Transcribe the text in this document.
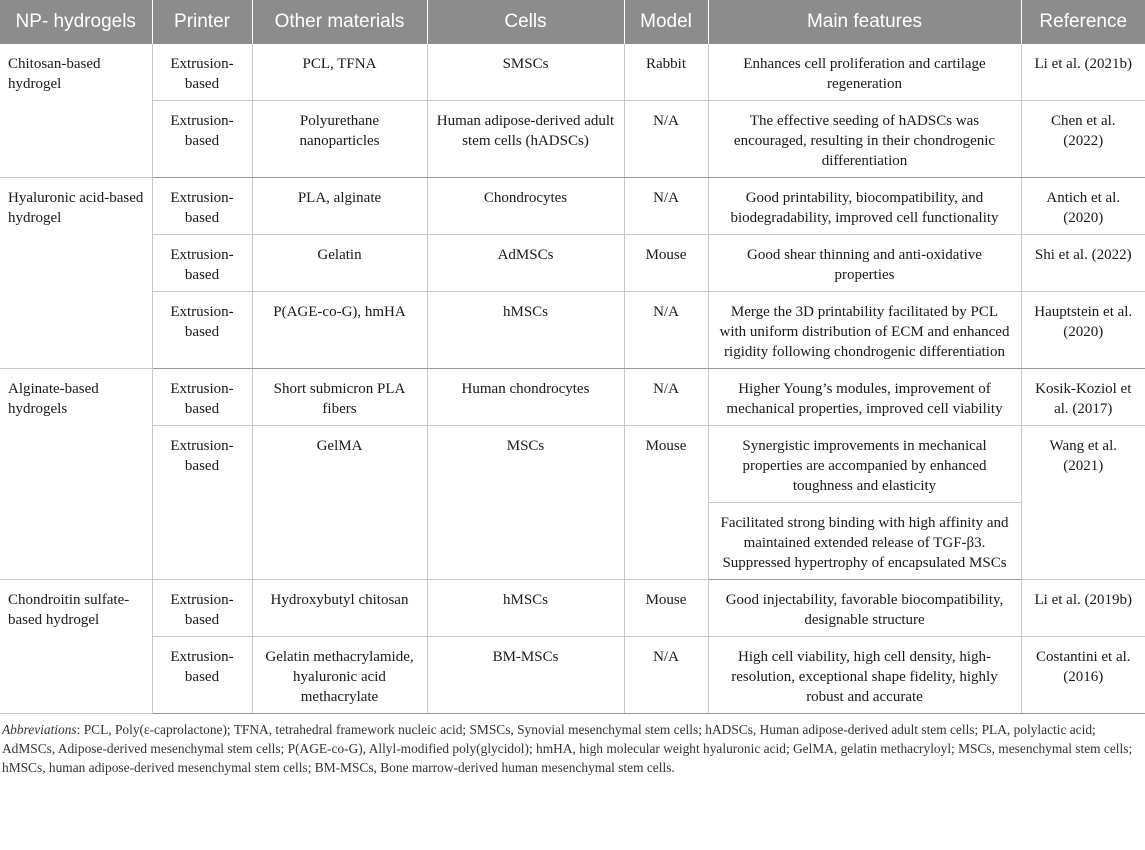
NP- hydrogels	Printer	Other materials	Cells	Model	Main features	Reference
Chitosan-based hydrogel	Extrusion-based	PCL, TFNA	SMSCs	Rabbit	Enhances cell proliferation and cartilage regeneration	Li et al. (2021b)
	Extrusion-based	Polyurethane nanoparticles	Human adipose-derived adult stem cells (hADSCs)	N/A	The effective seeding of hADSCs was encouraged, resulting in their chondrogenic differentiation	Chen et al. (2022)
Hyaluronic acid-based hydrogel	Extrusion-based	PLA, alginate	Chondrocytes	N/A	Good printability, biocompatibility, and biodegradability, improved cell functionality	Antich et al. (2020)
	Extrusion-based	Gelatin	AdMSCs	Mouse	Good shear thinning and anti-oxidative properties	Shi et al. (2022)
	Extrusion-based	P(AGE-co-G), hmHA	hMSCs	N/A	Merge the 3D printability facilitated by PCL with uniform distribution of ECM and enhanced rigidity following chondrogenic differentiation	Hauptstein et al. (2020)
Alginate-based hydrogels	Extrusion-based	Short submicron PLA fibers	Human chondrocytes	N/A	Higher Young’s modules, improvement of mechanical properties, improved cell viability	Kosik-Koziol et al. (2017)
	Extrusion-based	GelMA	MSCs	Mouse	Synergistic improvements in mechanical properties are accompanied by enhanced toughness and elasticity	Wang et al. (2021)
					Facilitated strong binding with high affinity and maintained extended release of TGF-β3. Suppressed hypertrophy of encapsulated MSCs	
Chondroitin sulfate-based hydrogel	Extrusion-based	Hydroxybutyl chitosan	hMSCs	Mouse	Good injectability, favorable biocompatibility, designable structure	Li et al. (2019b)
	Extrusion-based	Gelatin methacrylamide, hyaluronic acid methacrylate	BM-MSCs	N/A	High cell viability, high cell density, high-resolution, exceptional shape fidelity, highly robust and accurate	Costantini et al. (2016)
Abbreviations: PCL, Poly(ε-caprolactone); TFNA, tetrahedral framework nucleic acid; SMSCs, Synovial mesenchymal stem cells; hADSCs, Human adipose-derived adult stem cells; PLA, polylactic acid; AdMSCs, Adipose-derived mesenchymal stem cells; P(AGE-co-G), Allyl-modified poly(glycidol); hmHA, high molecular weight hyaluronic acid; GelMA, gelatin methacryloyl; MSCs, mesenchymal stem cells; hMSCs, human adipose-derived mesenchymal stem cells; BM-MSCs, Bone marrow-derived human mesenchymal stem cells.
